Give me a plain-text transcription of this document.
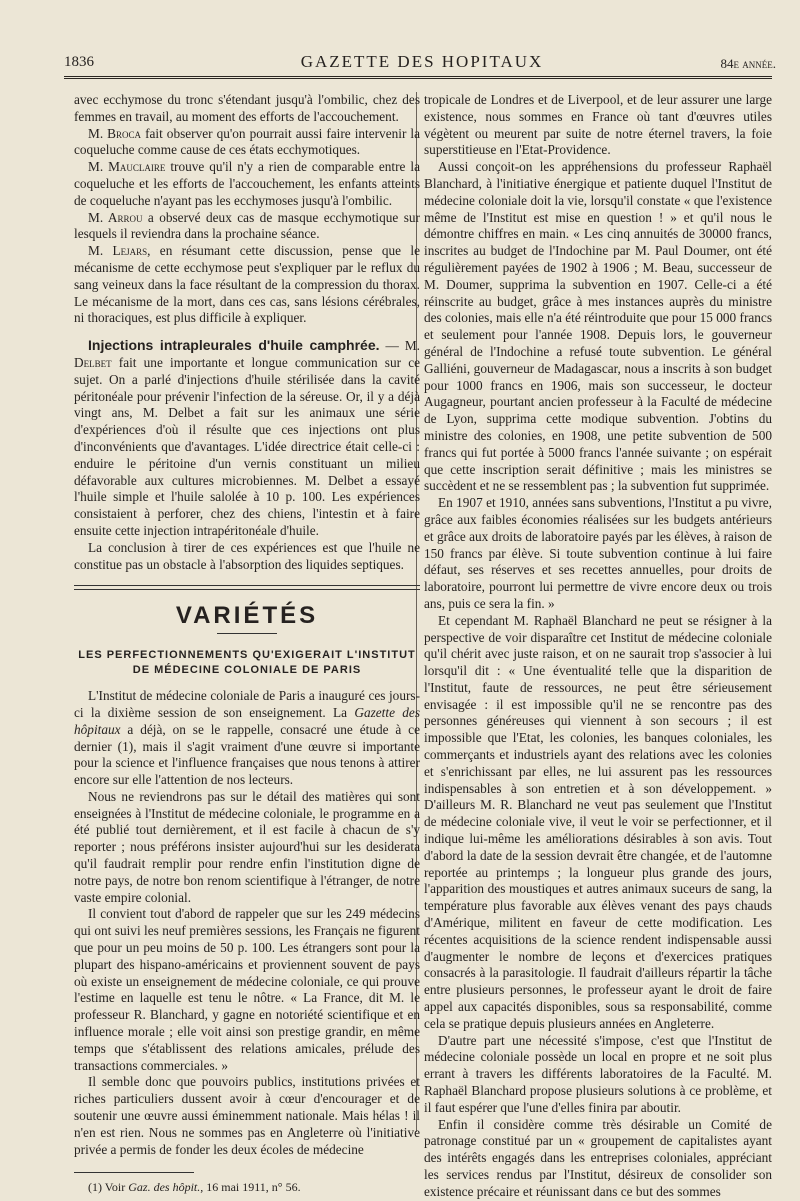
1836	GAZETTE DES HOPITAUX	84e année.

avec ecchymose du tronc s'étendant jusqu'à l'ombilic, chez des femmes en travail, au moment des efforts de l'accouchement.

M. Broca fait observer qu'on pourrait aussi faire intervenir la coqueluche comme cause de ces états ecchymotiques.

M. Mauclaire trouve qu'il n'y a rien de comparable entre la coqueluche et les efforts de l'accouchement, les enfants atteints de coqueluche n'ayant pas les ecchymoses jusqu'à l'ombilic.

M. Arrou a observé deux cas de masque ecchymotique sur lesquels il reviendra dans la prochaine séance.

M. Lejars, en résumant cette discussion, pense que le mécanisme de cette ecchymose peut s'expliquer par le reflux du sang veineux dans la face résultant de la compression du thorax. Le mécanisme de la mort, dans ces cas, sans lésions cérébrales, ni thoraciques, est plus difficile à expliquer.

Injections intrapleurales d'huile camphrée. — M. Delbet fait une importante et longue communication sur ce sujet. On a parlé d'injections d'huile stérilisée dans la cavité péritonéale pour prévenir l'infection de la séreuse. Or, il y a déjà vingt ans, M. Delbet a fait sur les animaux une série d'expériences d'où il résulte que ces injections ont plus d'inconvénients que d'avantages. L'idée directrice était celle-ci : enduire le péritoine d'un vernis constituant un milieu défavorable aux cultures microbiennes. M. Delbet a essayé l'huile simple et l'huile salolée à 10 p. 100. Les expériences consistaient à perforer, chez des chiens, l'intestin et à faire ensuite cette injection intrapéritonéale d'huile.

La conclusion à tirer de ces expériences est que l'huile ne constitue pas un obstacle à l'absorption des liquides septiques.

VARIÉTÉS
LES PERFECTIONNEMENTS QU'EXIGERAIT L'INSTITUT DE MÉDECINE COLONIALE DE PARIS

L'Institut de médecine coloniale de Paris a inauguré ces jours-ci la dixième session de son enseignement. La Gazette des hôpitaux a déjà, on se le rappelle, consacré une étude à ce dernier (1), mais il s'agit vraiment d'une œuvre si importante pour la science et l'influence françaises que nous tenons à attirer encore sur elle l'attention de nos lecteurs.

Nous ne reviendrons pas sur le détail des matières qui sont enseignées à l'Institut de médecine coloniale, le programme en a été publié tout dernièrement, et il est facile à chacun de s'y reporter ; nous préférons insister aujourd'hui sur les desiderata qu'il faudrait remplir pour rendre enfin l'institution digne de notre pays, de notre bon renom scientifique à l'étranger, de notre vaste empire colonial.

Il convient tout d'abord de rappeler que sur les 249 médecins qui ont suivi les neuf premières sessions, les Français ne figurent que pour un peu moins de 50 p. 100. Les étrangers sont pour la plupart des hispano-américains et proviennent souvent de pays où existe un enseignement de médecine coloniale, ce qui prouve l'estime en laquelle est tenu le nôtre. « La France, dit M. le professeur R. Blanchard, y gagne en notoriété scientifique et en influence morale ; elle voit ainsi son prestige grandir, en même temps que s'établissent des relations amicales, prélude des transactions commerciales. »

Il semble donc que pouvoirs publics, institutions privées et riches particuliers dussent avoir à cœur d'encourager et de soutenir une œuvre aussi éminemment nationale. Mais hélas ! il n'en est rien. Nous ne sommes pas en Angleterre où l'initiative privée a permis de fonder les deux écoles de médecine

(1) Voir Gaz. des hôpit., 16 mai 1911, n° 56.

tropicale de Londres et de Liverpool, et de leur assurer une large existence, nous sommes en France où tant d'œuvres utiles végètent ou meurent par suite de notre éternel travers, la foie superstitieuse en l'Etat-Providence.

Aussi conçoit-on les appréhensions du professeur Raphaël Blanchard, à l'initiative énergique et patiente duquel l'Institut de médecine coloniale doit la vie, lorsqu'il constate « que l'existence même de l'Institut est mise en question ! » et qu'il nous le démontre chiffres en main. « Les cinq annuités de 30000 francs, inscrites au budget de l'Indochine par M. Paul Doumer, ont été régulièrement payées de 1902 à 1906 ; M. Beau, successeur de M. Doumer, supprima la subvention en 1907. Celle-ci a été réinscrite au budget, grâce à mes instances auprès du ministre des colonies, mais elle n'a été réintroduite que pour 15 000 francs et seulement pour l'année 1908. Depuis lors, le gouverneur général de l'Indochine a refusé toute subvention. Le général Galliéni, gouverneur de Madagascar, nous a inscrits à son budget pour 1000 francs en 1906, mais son successeur, le docteur Augagneur, pourtant ancien professeur à la Faculté de médecine de Lyon, supprima cette modique subvention. J'obtins du ministre des colonies, en 1908, une petite subvention de 500 francs qui fut portée à 5000 francs l'année suivante ; on espérait que cette inscription serait définitive ; mais les ministres se succèdent et ne se ressemblent pas ; la subvention fut supprimée.

En 1907 et 1910, années sans subventions, l'Institut a pu vivre, grâce aux faibles économies réalisées sur les budgets antérieurs et grâce aux droits de laboratoire payés par les élèves, à raison de 150 francs par élève. Si toute subvention continue à lui faire défaut, ses réserves et ses recettes annuelles, pour droits de laboratoire, pourront lui permettre de vivre encore deux ou trois ans, puis ce sera la fin. »

Et cependant M. Raphaël Blanchard ne peut se résigner à la perspective de voir disparaître cet Institut de médecine coloniale qu'il chérit avec juste raison, et on ne saurait trop s'associer à lui lorsqu'il dit : « Une éventualité telle que la disparition de l'Institut, faute de ressources, ne peut être sérieusement envisagée : il est impossible qu'il ne se rencontre pas des personnes généreuses qui viennent à son secours ; il est impossible que l'Etat, les colonies, les banques coloniales, les commerçants et industriels ayant des relations avec les colonies et s'enrichissant par elles, ne lui assurent pas les ressources indispensables à son entretien et à son développement. » D'ailleurs M. R. Blanchard ne veut pas seulement que l'Institut de médecine coloniale vive, il veut le voir se perfectionner, et il indique lui-même les améliorations désirables à son avis. Tout d'abord la date de la session devrait être changée, et de l'automne reportée au printemps ; la longueur plus grande des jours, l'apparition des moustiques et autres animaux suceurs de sang, la température plus favorable aux élèves venant des pays chauds d'Amérique, militent en faveur de cette modification. Les récentes acquisitions de la science rendent indispensable aussi d'augmenter le nombre de leçons et d'exercices pratiques consacrés à la parasitologie. Il faudrait d'ailleurs répartir la tâche entre plusieurs personnes, le professeur ayant le droit de faire appel aux capacités disponibles, sous sa responsabilité, comme cela se pratique depuis plusieurs années en Angleterre.

D'autre part une nécessité s'impose, c'est que l'Institut de médecine coloniale possède un local en propre et ne soit plus errant à travers les différents laboratoires de la Faculté. M. Raphaël Blanchard propose plusieurs solutions à ce problème, et il faut espérer que l'une d'elles finira par aboutir.

Enfin il considère comme très désirable un Comité de patronage constitué par un « groupement de capitalistes ayant des intérêts engagés dans les entreprises coloniales, appréciant les services rendus par l'Institut, désireux de consolider son existence précaire et réunissant dans ce but des sommes
